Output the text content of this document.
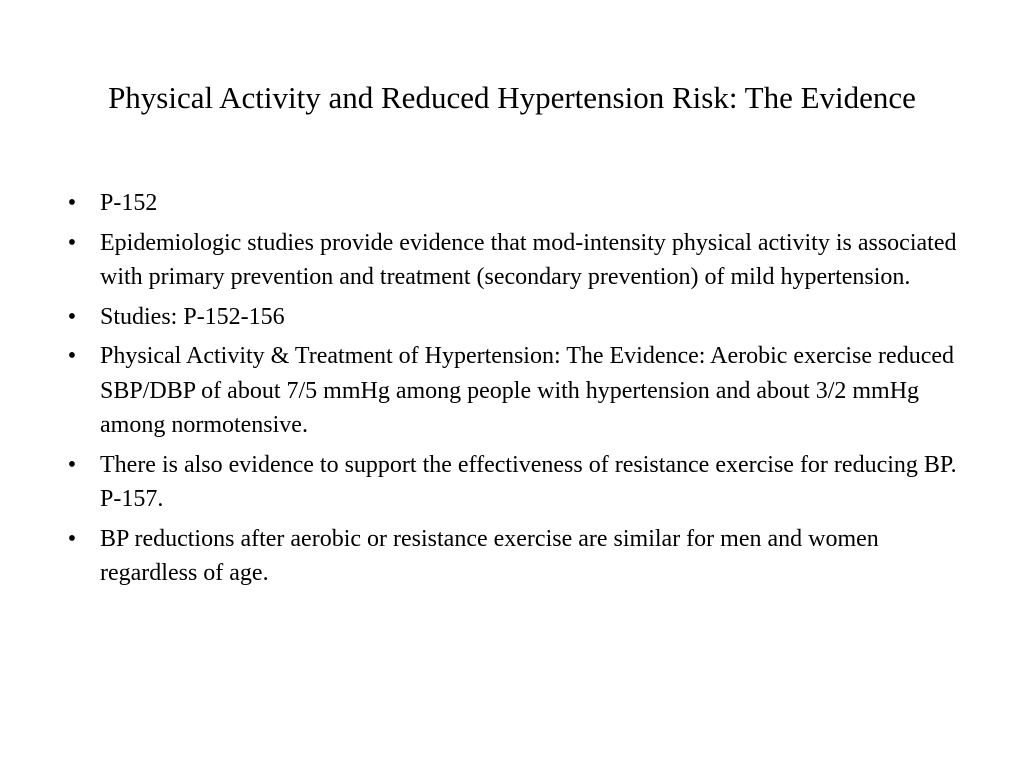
Physical Activity and Reduced Hypertension Risk: The Evidence
• P-152
• Epidemiologic studies provide evidence that mod-intensity physical activity is associated with primary prevention and treatment (secondary prevention) of mild hypertension.
• Studies: P-152-156
• Physical Activity & Treatment of Hypertension: The Evidence: Aerobic exercise reduced SBP/DBP of about 7/5 mmHg among people with hypertension and about 3/2 mmHg among normotensive.
• There is also evidence to support the effectiveness of resistance exercise for reducing BP. P-157.
• BP reductions after aerobic or resistance exercise are similar for men and women regardless of age.
